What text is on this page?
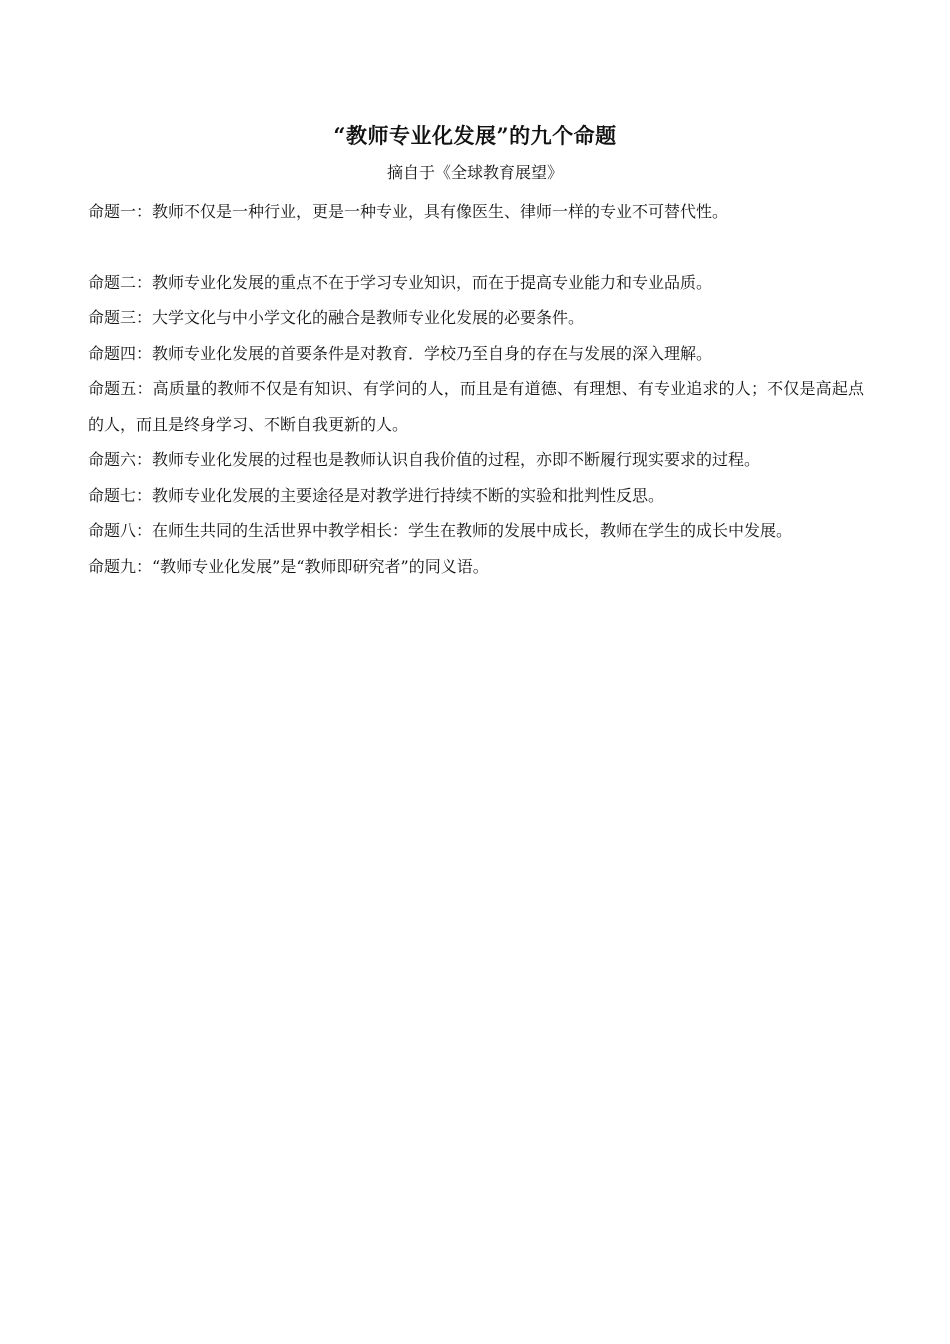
“教师专业化发展”的九个命题
摘自于《全球教育展望》

命题一：教师不仅是一种行业，更是一种专业，具有像医生、律师一样的专业不可替代性。

命题二：教师专业化发展的重点不在于学习专业知识，而在于提高专业能力和专业品质。

命题三：大学文化与中小学文化的融合是教师专业化发展的必要条件。

命题四：教师专业化发展的首要条件是对教育．学校乃至自身的存在与发展的深入理解。

命题五：高质量的教师不仅是有知识、有学问的人，而且是有道德、有理想、有专业追求的人；不仅是高起点的人，而且是终身学习、不断自我更新的人。

命题六：教师专业化发展的过程也是教师认识自我价值的过程，亦即不断履行现实要求的过程。

命题七：教师专业化发展的主要途径是对教学进行持续不断的实验和批判性反思。

命题八：在师生共同的生活世界中教学相长：学生在教师的发展中成长，教师在学生的成长中发展。

命题九：“教师专业化发展”是“教师即研究者”的同义语。
